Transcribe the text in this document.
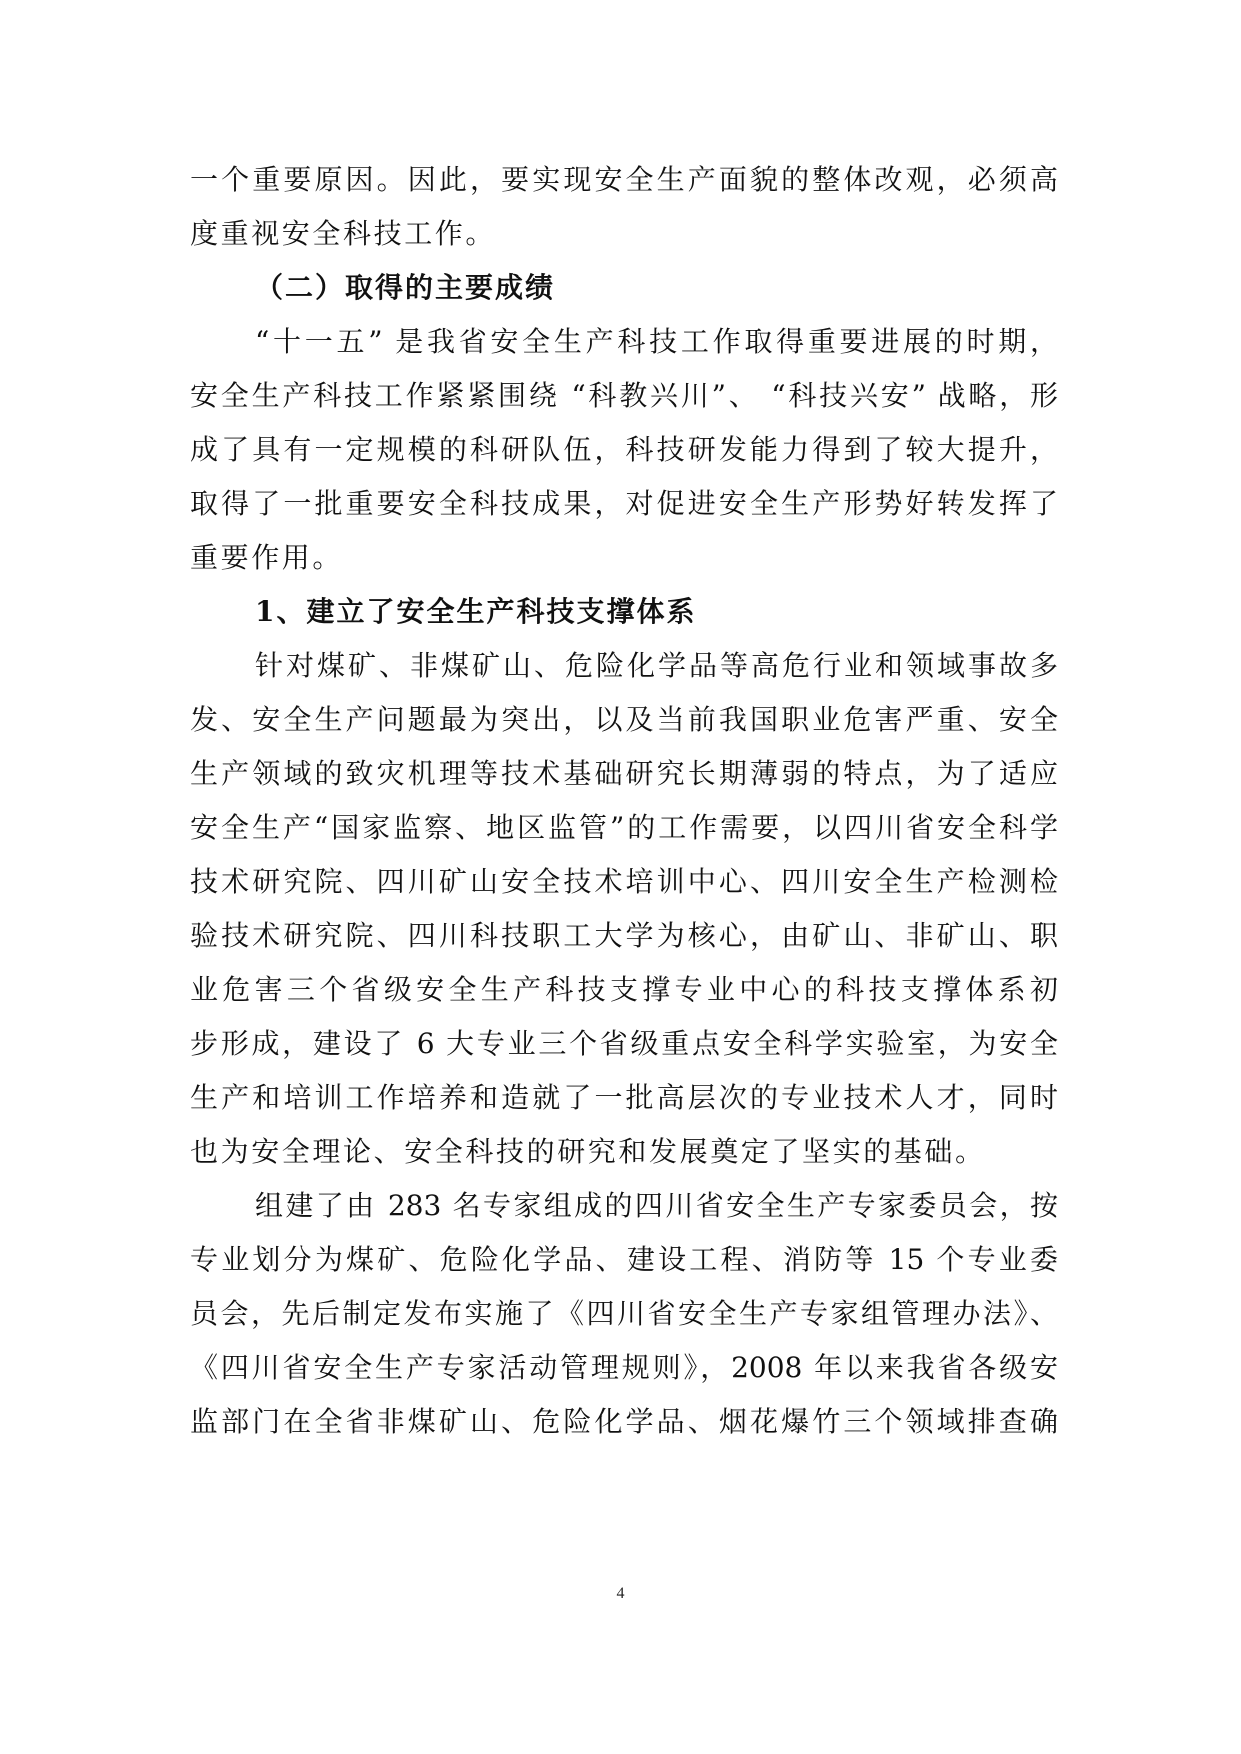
一个重要原因。因此，要实现安全生产面貌的整体改观，必须高
度重视安全科技工作。
（二）取得的主要成绩
“十一五” 是我省安全生产科技工作取得重要进展的时期，
安全生产科技工作紧紧围绕 “科教兴川”、 “科技兴安” 战略，形
成了具有一定规模的科研队伍，科技研发能力得到了较大提升，
取得了一批重要安全科技成果，对促进安全生产形势好转发挥了
重要作用。
1、建立了安全生产科技支撑体系
针对煤矿、非煤矿山、危险化学品等高危行业和领域事故多
发、安全生产问题最为突出，以及当前我国职业危害严重、安全
生产领域的致灾机理等技术基础研究长期薄弱的特点，为了适应
安全生产“国家监察、地区监管”的工作需要，以四川省安全科学
技术研究院、四川矿山安全技术培训中心、四川安全生产检测检
验技术研究院、四川科技职工大学为核心，由矿山、非矿山、职
业危害三个省级安全生产科技支撑专业中心的科技支撑体系初
步形成，建设了 6 大专业三个省级重点安全科学实验室，为安全
生产和培训工作培养和造就了一批高层次的专业技术人才，同时
也为安全理论、安全科技的研究和发展奠定了坚实的基础。
组建了由 283 名专家组成的四川省安全生产专家委员会，按
专业划分为煤矿、危险化学品、建设工程、消防等 15 个专业委
员会，先后制定发布实施了《四川省安全生产专家组管理办法》、
《四川省安全生产专家活动管理规则》，2008 年以来我省各级安
监部门在全省非煤矿山、危险化学品、烟花爆竹三个领域排查确
4
